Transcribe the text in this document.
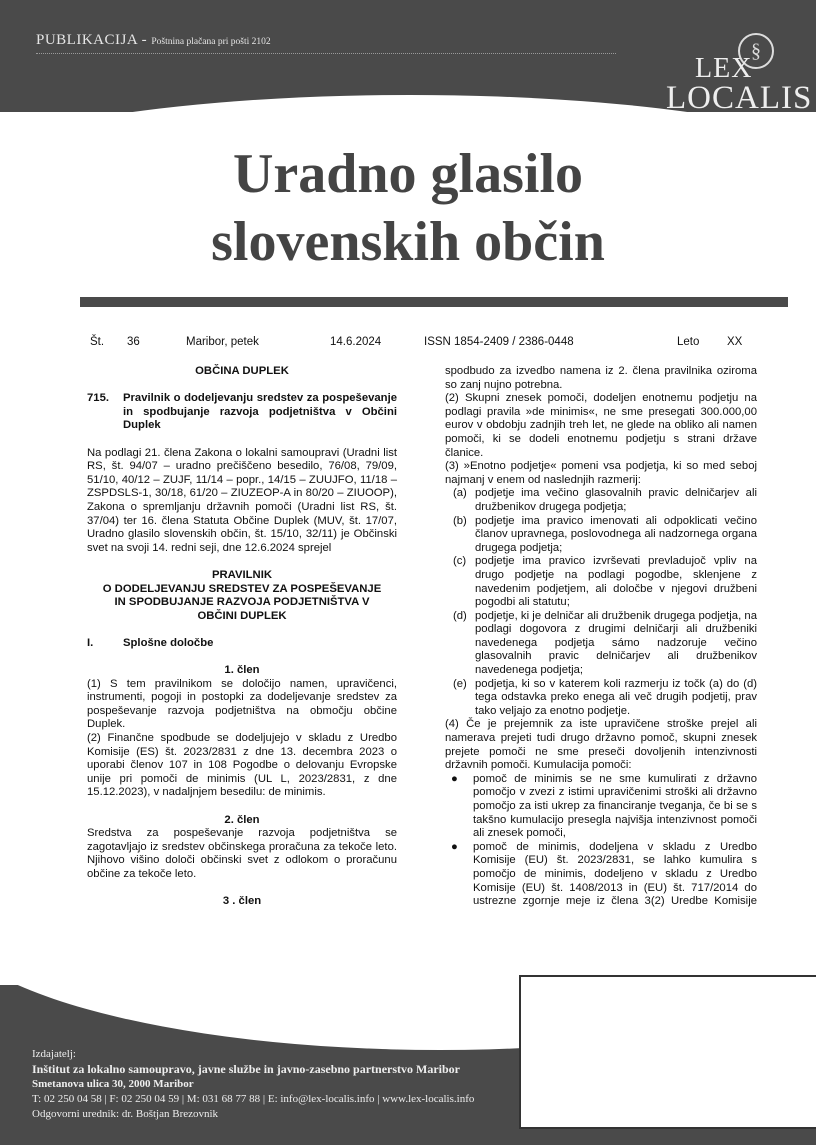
PUBLIKACIJA - Poštnina plačana pri pošti 2102	§
LEX
LOCALIS
Uradno glasilo
slovenskih občin
Št. 36	Maribor, petek	14.6.2024	ISSN 1854-2409 / 2386-0448	Leto XX

OBČINA DUPLEK

715.	Pravilnik o dodeljevanju sredstev za pospeševanje in spodbujanje razvoja podjetništva v Občini Duplek

Na podlagi 21. člena Zakona o lokalni samoupravi (Uradni list RS, št. 94/07 – uradno prečiščeno besedilo, 76/08, 79/09, 51/10, 40/12 – ZUJF, 11/14 – popr., 14/15 – ZUUJFO, 11/18 – ZSPDSLS-1, 30/18, 61/20 – ZIUZEOP-A in 80/20 – ZIUOOP), Zakona o spremljanju državnih pomoči (Uradni list RS, št. 37/04) ter 16. člena Statuta Občine Duplek (MUV, št. 17/07, Uradno glasilo slovenskih občin, št. 15/10, 32/11) je Občinski svet na svoji 14. redni seji, dne 12.6.2024 sprejel

PRAVILNIK

O DODELJEVANJU SREDSTEV ZA POSPEŠEVANJE

IN SPODBUJANJE RAZVOJA PODJETNIŠTVA V

OBČINI DUPLEK

I.	Splošne določbe

1. člen

(1) S tem pravilnikom se določijo namen, upravičenci, instrumenti, pogoji in postopki za dodeljevanje sredstev za pospeševanje razvoja podjetništva na območju občine Duplek.

(2) Finančne spodbude se dodeljujejo v skladu z Uredbo Komisije (ES) št. 2023/2831 z dne 13. decembra 2023 o uporabi členov 107 in 108 Pogodbe o delovanju Evropske unije pri pomoči de minimis (UL L, 2023/2831, z dne 15.12.2023), v nadaljnjem besedilu: de minimis.

2. člen

Sredstva za pospeševanje razvoja podjetništva se zagotavljajo iz sredstev občinskega proračuna za tekoče leto. Njihovo višino določi občinski svet z odlokom o proračunu občine za tekoče leto.

3 . člen

spodbudo za izvedbo namena iz 2. člena pravilnika oziroma so zanj nujno potrebna.

(2) Skupni znesek pomoči, dodeljen enotnemu podjetju na podlagi pravila »de minimis«, ne sme presegati 300.000,00 eurov v obdobju zadnjih treh let, ne glede na obliko ali namen pomoči, ki se dodeli enotnemu podjetju s strani države članice.

(3) »Enotno podjetje« pomeni vsa podjetja, ki so med seboj najmanj v enem od naslednjih razmerij:

(a) podjetje ima večino glasovalnih pravic delničarjev ali družbenikov drugega podjetja;
(b) podjetje ima pravico imenovati ali odpoklicati večino članov upravnega, poslovodnega ali nadzornega organa drugega podjetja;
(c) podjetje ima pravico izvrševati prevladujoč vpliv na drugo podjetje na podlagi pogodbe, sklenjene z navedenim podjetjem, ali določbe v njegovi družbeni pogodbi ali statutu;
(d) podjetje, ki je delničar ali družbenik drugega podjetja, na podlagi dogovora z drugimi delničarji ali družbeniki navedenega podjetja sámo nadzoruje večino glasovalnih pravic delničarjev ali družbenikov navedenega podjetja;
(e) podjetja, ki so v katerem koli razmerju iz točk (a) do (d) tega odstavka preko enega ali več drugih podjetij, prav tako veljajo za enotno podjetje.

(4) Če je prejemnik za iste upravičene stroške prejel ali namerava prejeti tudi drugo državno pomoč, skupni znesek prejete pomoči ne sme preseči dovoljenih intenzivnosti državnih pomoči. Kumulacija pomoči:

●	pomoč de minimis se ne sme kumulirati z državno pomočjo v zvezi z istimi upravičenimi stroški ali državno pomočjo za isti ukrep za financiranje tveganja, če bi se s takšno kumulacijo presegla najvišja intenzivnost pomoči ali znesek pomoči,
●	pomoč de minimis, dodeljena v skladu z Uredbo Komisije (EU) št. 2023/2831, se lahko kumulira s pomočjo de minimis, dodeljeno v skladu z Uredbo Komisije (EU) št. 1408/2013 in (EU) št. 717/2014 do ustrezne zgornje meje iz člena 3(2) Uredbe Komisije
Izdajatelj:
Inštitut za lokalno samoupravo, javne službe in javno-zasebno partnerstvo Maribor
Smetanova ulica 30, 2000 Maribor
T: 02 250 04 58 | F: 02 250 04 59 | M: 031 68 77 88 | E: info@lex-localis.info | www.lex-localis.info
Odgovorni urednik: dr. Boštjan Brezovnik
